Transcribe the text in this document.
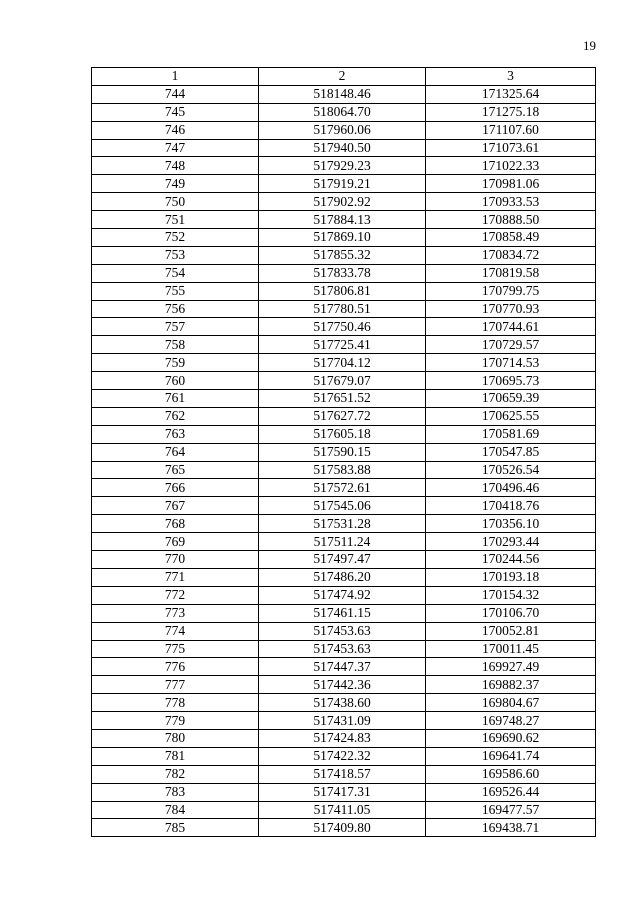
19
1	2	3
744	518148.46	171325.64
745	518064.70	171275.18
746	517960.06	171107.60
747	517940.50	171073.61
748	517929.23	171022.33
749	517919.21	170981.06
750	517902.92	170933.53
751	517884.13	170888.50
752	517869.10	170858.49
753	517855.32	170834.72
754	517833.78	170819.58
755	517806.81	170799.75
756	517780.51	170770.93
757	517750.46	170744.61
758	517725.41	170729.57
759	517704.12	170714.53
760	517679.07	170695.73
761	517651.52	170659.39
762	517627.72	170625.55
763	517605.18	170581.69
764	517590.15	170547.85
765	517583.88	170526.54
766	517572.61	170496.46
767	517545.06	170418.76
768	517531.28	170356.10
769	517511.24	170293.44
770	517497.47	170244.56
771	517486.20	170193.18
772	517474.92	170154.32
773	517461.15	170106.70
774	517453.63	170052.81
775	517453.63	170011.45
776	517447.37	169927.49
777	517442.36	169882.37
778	517438.60	169804.67
779	517431.09	169748.27
780	517424.83	169690.62
781	517422.32	169641.74
782	517418.57	169586.60
783	517417.31	169526.44
784	517411.05	169477.57
785	517409.80	169438.71
